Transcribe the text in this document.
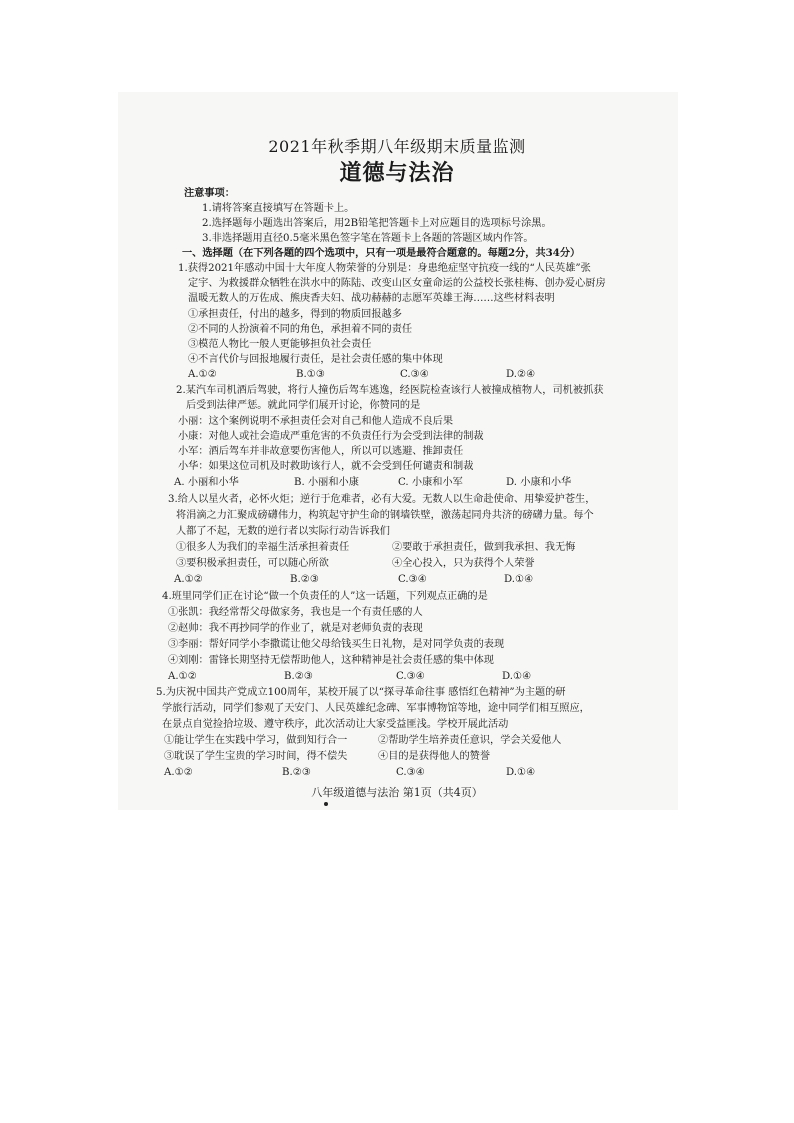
2021年秋季期八年级期末质量监测
道德与法治
注意事项：
1.请将答案直接填写在答题卡上。
2.选择题每小题选出答案后，用2B铅笔把答题卡上对应题目的选项标号涂黑。
3.非选择题用直径0.5毫米黑色签字笔在答题卡上各题的答题区域内作答。
一、选择题（在下列各题的四个选项中，只有一项是最符合题意的。每题2分，共34分）
1.获得2021年感动中国十大年度人物荣誉的分别是：身患绝症坚守抗疫一线的“人民英雄”张
定宇、为救援群众牺牲在洪水中的陈陆、改变山区女童命运的公益校长张桂梅、创办爱心厨房
温暖无数人的万佐成、熊庚香夫妇、战功赫赫的志愿军英雄王海……这些材料表明
①承担责任，付出的越多，得到的物质回报越多
②不同的人扮演着不同的角色，承担着不同的责任
③模范人物比一般人更能够担负社会责任
④不言代价与回报地履行责任，是社会责任感的集中体现
A.①②	B.①③	C.③④	D.②④
2.某汽车司机酒后驾驶，将行人撞伤后驾车逃逸，经医院检查该行人被撞成植物人，司机被抓获
后受到法律严惩。就此同学们展开讨论，你赞同的是
小丽：这个案例说明不承担责任会对自己和他人造成不良后果
小康：对他人或社会造成严重危害的不负责任行为会受到法律的制裁
小军：酒后驾车并非故意要伤害他人，所以可以逃避、推卸责任
小华：如果这位司机及时救助该行人，就不会受到任何谴责和制裁
A. 小丽和小华	B. 小丽和小康	C. 小康和小军	D. 小康和小华
3.给人以星火者，必怀火炬；逆行于危难者，必有大爱。无数人以生命赴使命、用挚爱护苍生，
将涓滴之力汇聚成磅礴伟力，构筑起守护生命的钢墙铁壁，激荡起同舟共济的磅礴力量。每个
人都了不起，无数的逆行者以实际行动告诉我们
①很多人为我们的幸福生活承担着责任	②要敢于承担责任，做到我承担、我无悔
③要积极承担责任，可以随心所欲	④全心投入，只为获得个人荣誉
A.①②	B.②③	C.③④	D.①④
4.班里同学们正在讨论“做一个负责任的人”这一话题，下列观点正确的是
①张凯：我经常帮父母做家务，我也是一个有责任感的人
②赵帅：我不再抄同学的作业了，就是对老师负责的表现
③李丽：帮好同学小李撒谎让他父母给钱买生日礼物，是对同学负责的表现
④刘刚：雷锋长期坚持无偿帮助他人，这种精神是社会责任感的集中体现
A.①②	B.②③	C.③④	D.①④
5.为庆祝中国共产党成立100周年，某校开展了以“探寻革命往事 感悟红色精神”为主题的研
学旅行活动，同学们参观了天安门、人民英雄纪念碑、军事博物馆等地，途中同学们相互照应，
在景点自觉捡拾垃圾、遵守秩序，此次活动让大家受益匪浅。学校开展此活动
①能让学生在实践中学习，做到知行合一	②帮助学生培养责任意识，学会关爱他人
③耽误了学生宝贵的学习时间，得不偿失	④目的是获得他人的赞誉
A.①②	B.②③	C.③④	D.①④
八年级道德与法治 第1页（共4页）
